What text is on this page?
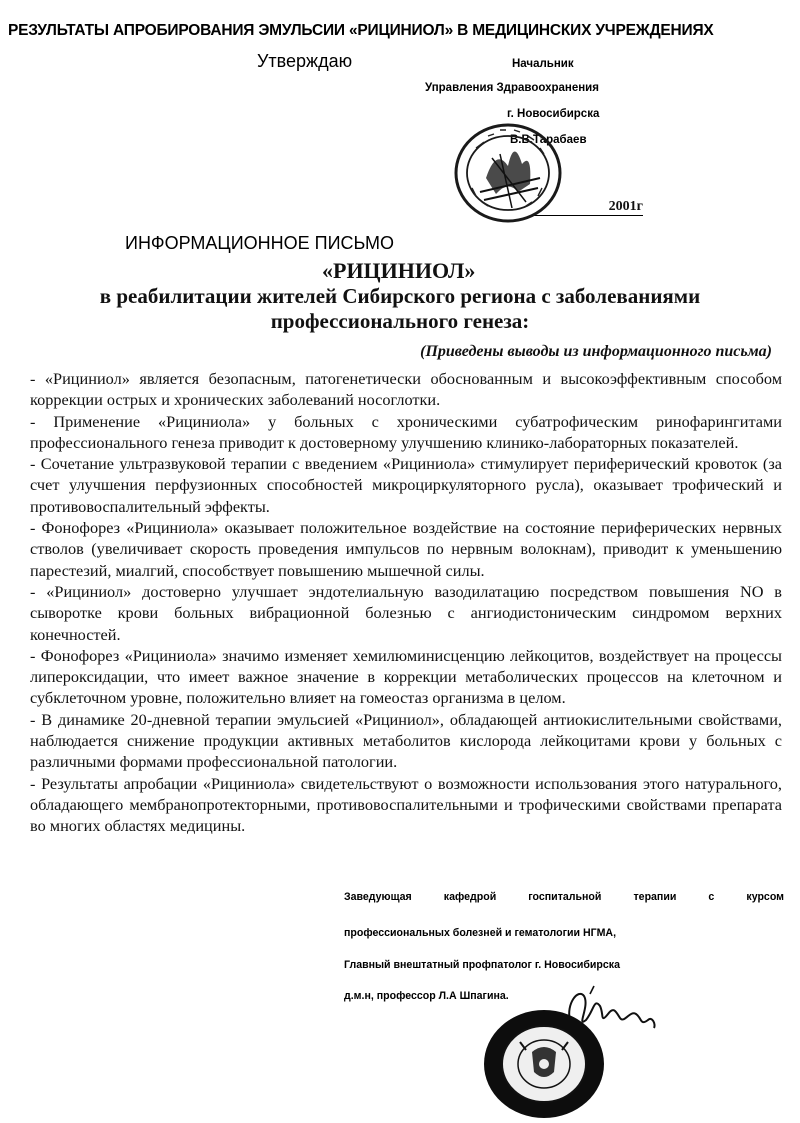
РЕЗУЛЬТАТЫ АПРОБИРОВАНИЯ ЭМУЛЬСИИ «РИЦИНИОЛ» В МЕДИЦИНСКИХ УЧРЕЖДЕНИЯХ
Утверждаю	Начальник
Управления Здравоохранения
г. Новосибирска
В.В.Тарабаев
2001г
ИНФОРМАЦИОННОЕ ПИСЬМО
«РИЦИНИОЛ»
в реабилитации жителей Сибирского региона с заболеваниями профессионального генеза:
(Приведены выводы из информационного письма)

- «Рициниол» является безопасным, патогенетически обоснованным и высокоэффективным способом коррекции острых и хронических заболеваний носоглотки.

- Применение «Рициниола» у больных с хроническими субатрофическим ринофарингитами профессионального генеза приводит к достоверному улучшению клинико-лабораторных показателей.

- Сочетание ультразвуковой терапии с введением «Рициниола» стимулирует периферический кровоток (за счет улучшения перфузионных способностей микроциркуляторного русла), оказывает трофический и противовоспалительный эффекты.

- Фонофорез «Рициниола» оказывает положительное воздействие на состояние периферических нервных стволов (увеличивает скорость проведения импульсов по нервным волокнам), приводит к уменьшению парестезий, миалгий, способствует повышению мышечной силы.

- «Рициниол» достоверно улучшает эндотелиальную вазодилатацию посредством повышения NO в сыворотке крови больных вибрационной болезнью с ангиодистоническим синдромом верхних конечностей.

- Фонофорез «Рициниола» значимо изменяет хемилюминисценцию лейкоцитов, воздействует на процессы липероксидации, что имеет важное значение в коррекции метаболических процессов на клеточном и субклеточном уровне, положительно влияет на гомеостаз организма в целом.

- В динамике 20-дневной терапии эмульсией «Рициниол», обладающей антиокислительными свойствами, наблюдается снижение продукции активных метаболитов кислорода лейкоцитами крови у больных с различными формами профессиональной патологии.

- Результаты апробации «Рициниола» свидетельствуют о возможности использования этого натурального, обладающего мембранопротекторными, противовоспалительными и трофическими свойствами препарата во многих областях медицины.

Заведующая кафедрой госпитальной терапии с курсом
профессиональных болезней и гематологии НГМА,
Главный внештатный профпатолог г. Новосибирска
д.м.н, профессор Л.А Шпагина.
